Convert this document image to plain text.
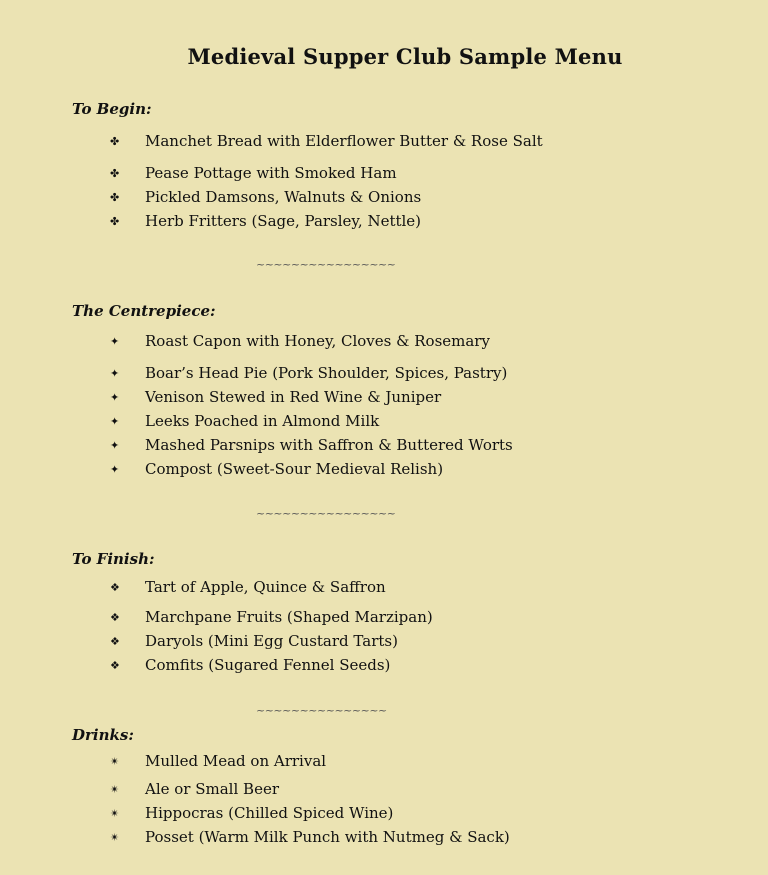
Medieval Supper Club Sample Menu
To Begin:
✤ Manchet Bread with Elderflower Butter & Rose Salt
✤ Pease Pottage with Smoked Ham
✤ Pickled Damsons, Walnuts & Onions
✤ Herb Fritters (Sage, Parsley, Nettle)
~~~~~~~~~~~~~~~~
The Centrepiece:
✦ Roast Capon with Honey, Cloves & Rosemary
✦ Boar’s Head Pie (Pork Shoulder, Spices, Pastry)
✦ Venison Stewed in Red Wine & Juniper
✦ Leeks Poached in Almond Milk
✦ Mashed Parsnips with Saffron & Buttered Worts
✦ Compost (Sweet-Sour Medieval Relish)
~~~~~~~~~~~~~~~~
To Finish:
❖ Tart of Apple, Quince & Saffron
❖ Marchpane Fruits (Shaped Marzipan)
❖ Daryols (Mini Egg Custard Tarts)
❖ Comfits (Sugared Fennel Seeds)
~~~~~~~~~~~~~~~
Drinks:
✴ Mulled Mead on Arrival
✴ Ale or Small Beer
✴ Hippocras (Chilled Spiced Wine)
✴ Posset (Warm Milk Punch with Nutmeg & Sack)
